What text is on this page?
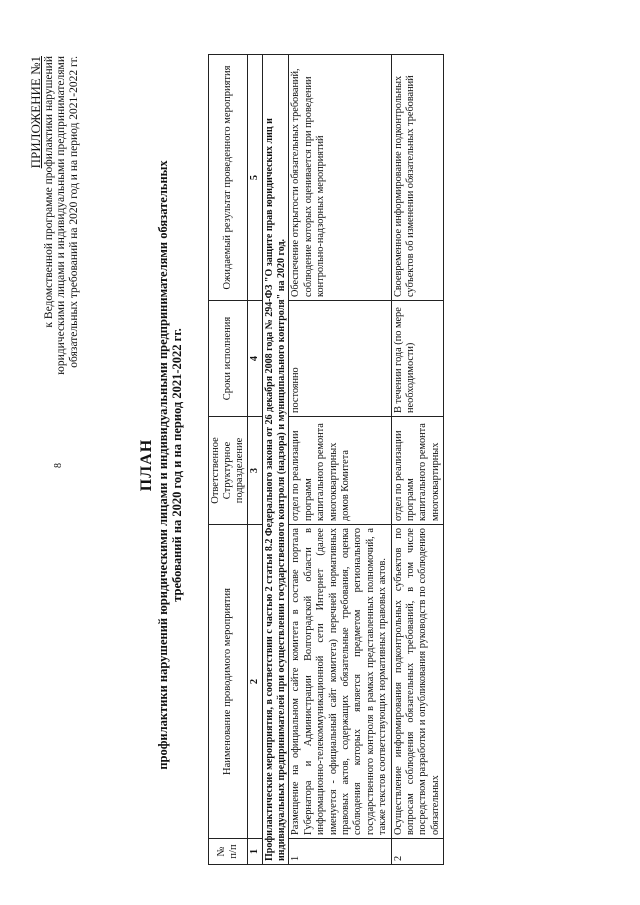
8
ПРИЛОЖЕНИЕ №1 к Ведомственной программе профилактики нарушений юридическими лицами и индивидуальными предпринимателями обязательных требований на 2020 год и на период 2021-2022 гг.
ПЛАН профилактики нарушений юридическими лицами и индивидуальными предпринимателями обязательных требований на 2020 год и на период 2021-2022 гг.
№ п/п	Наименование проводимого мероприятия	Ответственное Структурное подразделение	Сроки исполнения	Ожидаемый результат проведенного мероприятия
1	2	3	4	5
Профилактические мероприятия, в соответствии с частью 2 статьи 8.2 Федерального закона от 26 декабря 2008 года № 294-ФЗ "О защите прав юридических лиц и индивидуальных предпринимателей при осуществлении государственного контроля (надзора) и муниципального контроля" на 2020 год.				
1	Размещение на официальном сайте комитета в составе портала Губернатора и Администрации Волгоградской области в информационно-телекоммуникационной сети Интернет (далее именуется - официальный сайт комитета) перечней нормативных правовых актов, содержащих обязательные требования, оценка соблюдения которых является предметом регионального государственного контроля в рамках представленных полномочий, а также текстов соответствующих нормативных правовых актов.	отдел по реализации программ капитального ремонта многоквартирных домов Комитета	постоянно	Обеспечение открытости обязательных требований, соблюдение которых оценивается при проведении контрольно-надзорных мероприятий
2	Осуществление информирования подконтрольных субъектов по вопросам соблюдения обязательных требований, в том числе посредством разработки и опубликования руководств по соблюдению обязательных	отдел по реализации программ капитального ремонта многоквартирных	В течении года (по мере необходимости)	Своевременное информирование подконтрольных субъектов об изменении обязательных требований
